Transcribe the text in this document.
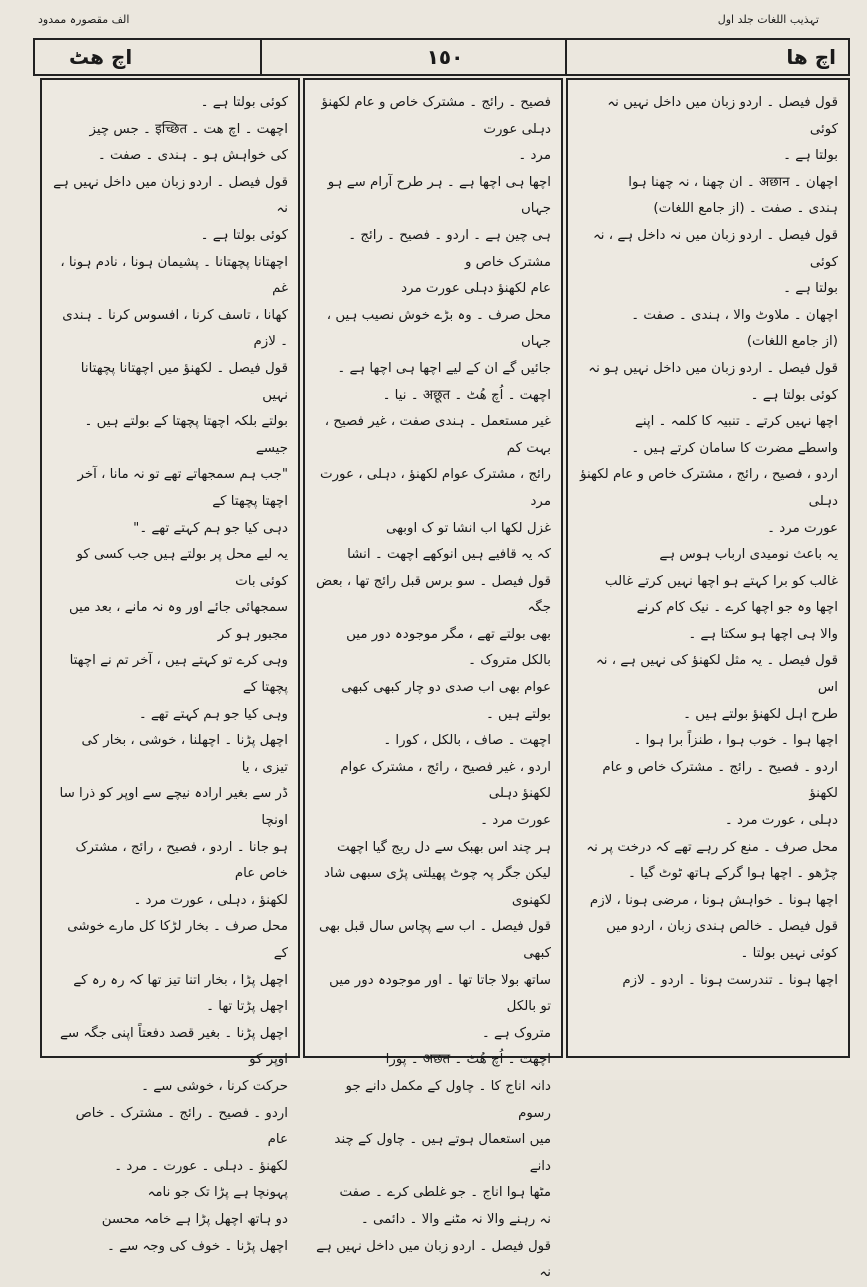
الف مقصورہ ممدود	تہذیب اللغات جلد اول
اچ ھٹ	١٥٠	اچ ھا
کوئی بولتا ہے ۔
اچھت ۔ اچ ھت ۔ इच्छित ۔ جس چیز
کی خواہش ہو ۔ ہندی ۔ صفت ۔
قول فیصل ۔ اردو زبان میں داخل نہیں ہے نہ
کوئی بولتا ہے ۔
اچھتانا پچھتانا ۔ پشیمان ہونا ، نادم ہونا ، غم
کھانا ، تاسف کرنا ، افسوس کرنا ۔ ہندی ۔ لازم
قول فیصل ۔ لکھنؤ میں اچھتانا پچھتانا نہیں
بولتے بلکہ اچھتا پچھتا کے بولتے ہیں ۔ جیسے
"جب ہم سمجھاتے تھے تو نہ مانا ، آخر اچھتا پچھتا کے
دہی کیا جو ہم کہتے تھے ۔"
یہ لیے محل پر بولتے ہیں جب کسی کو کوئی بات
سمجھائی جائے اور وہ نہ مانے ، بعد میں مجبور ہو کر
وہی کرے تو کہتے ہیں ، آخر تم نے اچھتا پچھتا کے
وہی کیا جو ہم کہتے تھے ۔
اچھل پڑنا ۔ اچھلنا ، خوشی ، بخار کی تیزی ، یا
ڈر سے بغیر ارادہ نیچے سے اوپر کو ذرا سا اونچا
ہو جانا ۔ اردو ، فصیح ، رائج ، مشترک خاص عام
لکھنؤ ، دہلی ، عورت مرد ۔
محل صرف ۔ بخار لڑکا کل مارے خوشی کے
اچھل پڑا ، بخار اتنا تیز تھا کہ رہ رہ کے
اچھل پڑتا تھا ۔
اچھل پڑنا ۔ بغیر قصد دفعتاً اپنی جگہ سے اوپر کو
حرکت کرنا ، خوشی سے ۔
اردو ۔ فصیح ۔ رائج ۔ مشترک ۔ خاص عام
لکھنؤ ۔ دہلی ۔ عورت ۔ مرد ۔
پہونچا ہے پڑا تک جو نامہ
دو ہاتھ اچھل پڑا ہے خامہ محسن
اچھل پڑنا ۔ خوف کی وجہ سے ۔
فصیح ۔ رائج ۔ مشترک خاص و عام لکھنؤ دہلی عورت
مرد ۔
اچھا ہی اچھا ہے ۔ ہر طرح آرام سے ہو جہاں
ہی چین ہے ۔ اردو ۔ فصیح ۔ رائج ۔ مشترک خاص و
عام لکھنؤ دہلی عورت مرد
محل صرف ۔ وہ بڑے خوش نصیب ہیں ، جہاں
جائیں گے ان کے لیے اچھا ہی اچھا ہے ۔
اچھت ۔ اُچ ھُٹ ۔ अछूत ۔ نیا ۔
غیر مستعمل ۔ ہندی صفت ، غیر فصیح ، بہت کم
رائج ، مشترک عوام لکھنؤ ، دہلی ، عورت مرد
غزل لکھا اب انشا تو ک اوبھی
کہ یہ قافیے ہیں انوکھے اچھت ۔ انشا
قول فیصل ۔ سو برس قبل رائج تھا ، بعض جگہ
بھی بولتے تھے ، مگر موجودہ دور میں بالکل متروک ۔
عوام بھی اب صدی دو چار کبھی کبھی بولتے ہیں ۔
اچھت ۔ صاف ، بالکل ، کورا ۔
اردو ، غیر فصیح ، رائج ، مشترک عوام لکھنؤ دہلی
عورت مرد ۔
ہر چند اس بھبک سے دل ریج گیا اچھت
لیکن جگر پہ چوٹ پھیلتی پڑی سبھی شاد لکھنوی
قول فیصل ۔ اب سے پچاس سال قبل بھی کبھی
ساتھ بولا جاتا تھا ۔ اور موجودہ دور میں تو بالکل
متروک ہے ۔
اچھت ۔ اُچ ھُٹ ۔ अछत ۔ پورا
دانہ اناج کا ۔ چاول کے مکمل دانے جو رسوم
میں استعمال ہوتے ہیں ۔ چاول کے چند دانے
مٹھا ہوا اناج ۔ جو غلطی کرے ۔ صفت
نہ رہنے والا نہ مٹنے والا ۔ دائمی ۔
قول فیصل ۔ اردو زبان میں داخل نہیں ہے نہ
قول فیصل ۔ اردو زبان میں داخل نہیں نہ کوئی
بولتا ہے ۔
اچھان ۔ अछान ۔ ان چھنا ، نہ چھنا ہوا
ہندی ۔ صفت ۔ (از جامع اللغات)
قول فیصل ۔ اردو زبان میں نہ داخل ہے ، نہ کوئی
بولتا ہے ۔
اچھان ۔ ملاوٹ والا ، ہندی ۔ صفت ۔
(از جامع اللغات)
قول فیصل ۔ اردو زبان میں داخل نہیں ہو نہ
کوئی بولتا ہے ۔
اچھا نہیں کرتے ۔ تنبیہ کا کلمہ ۔ اپنے
واسطے مضرت کا سامان کرتے ہیں ۔
اردو ، فصیح ، رائج ، مشترک خاص و عام لکھنؤ دہلی
عورت مرد ۔
یہ باعث نومیدی ارباب ہوس ہے
غالب کو برا کہتے ہو اچھا نہیں کرتے غالب
اچھا وہ جو اچھا کرے ۔ نیک کام کرنے
والا ہی اچھا ہو سکتا ہے ۔
قول فیصل ۔ یہ مثل لکھنؤ کی نہیں ہے ، نہ اس
طرح اہل لکھنؤ بولتے ہیں ۔
اچھا ہوا ۔ خوب ہوا ، طنزاً برا ہوا ۔
اردو ۔ فصیح ۔ رائج ۔ مشترک خاص و عام لکھنؤ
دہلی ، عورت مرد ۔
محل صرف ۔ منع کر رہے تھے کہ درخت پر نہ
چڑھو ۔ اچھا ہوا گرکے ہاتھ ٹوٹ گیا ۔
اچھا ہونا ۔ خواہش ہونا ، مرضی ہونا ، لازم
قول فیصل ۔ خالص ہندی زبان ، اردو میں
کوئی نہیں بولتا ۔
اچھا ہونا ۔ تندرست ہونا ۔ اردو ۔ لازم
